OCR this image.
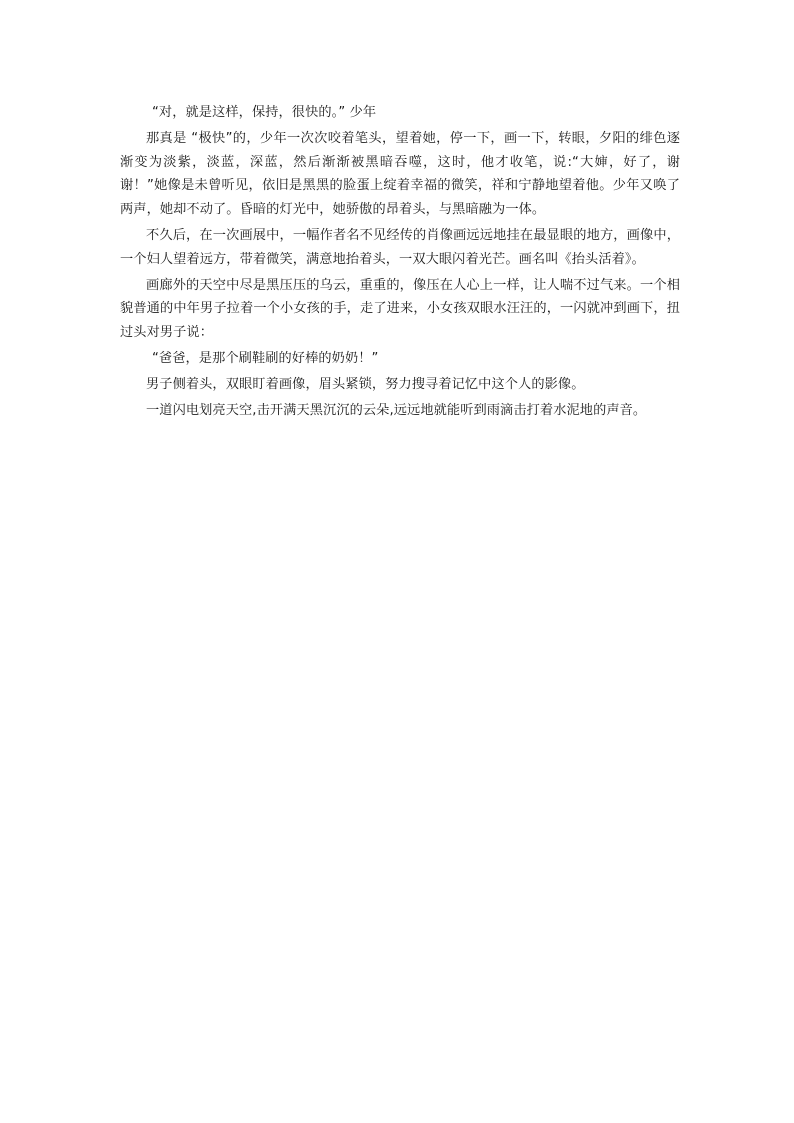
“对，就是这样，保持，很快的。” 少年

那真是 “极快”的，少年一次次咬着笔头，望着她，停一下，画一下，转眼，夕阳的绯色逐渐变为淡紫，淡蓝，深蓝，然后渐渐被黑暗吞噬，这时，他才收笔，说:“大婶，好了，谢谢！”她像是未曾听见，依旧是黑黑的脸蛋上绽着幸福的微笑，祥和宁静地望着他。少年又唤了两声，她却不动了。昏暗的灯光中，她骄傲的昂着头，与黑暗融为一体。

不久后，在一次画展中，一幅作者名不见经传的肖像画远远地挂在最显眼的地方，画像中，一个妇人望着远方，带着微笑，满意地抬着头，一双大眼闪着光芒。画名叫《抬头活着》。

画廊外的天空中尽是黑压压的乌云，重重的，像压在人心上一样，让人喘不过气来。一个相貌普通的中年男子拉着一个小女孩的手，走了进来，小女孩双眼水汪汪的，一闪就冲到画下，扭过头对男子说：

“爸爸，是那个刷鞋刷的好棒的奶奶！”

男子侧着头，双眼盯着画像，眉头紧锁，努力搜寻着记忆中这个人的影像。

一道闪电划亮天空,击开满天黑沉沉的云朵,远远地就能听到雨滴击打着水泥地的声音。
